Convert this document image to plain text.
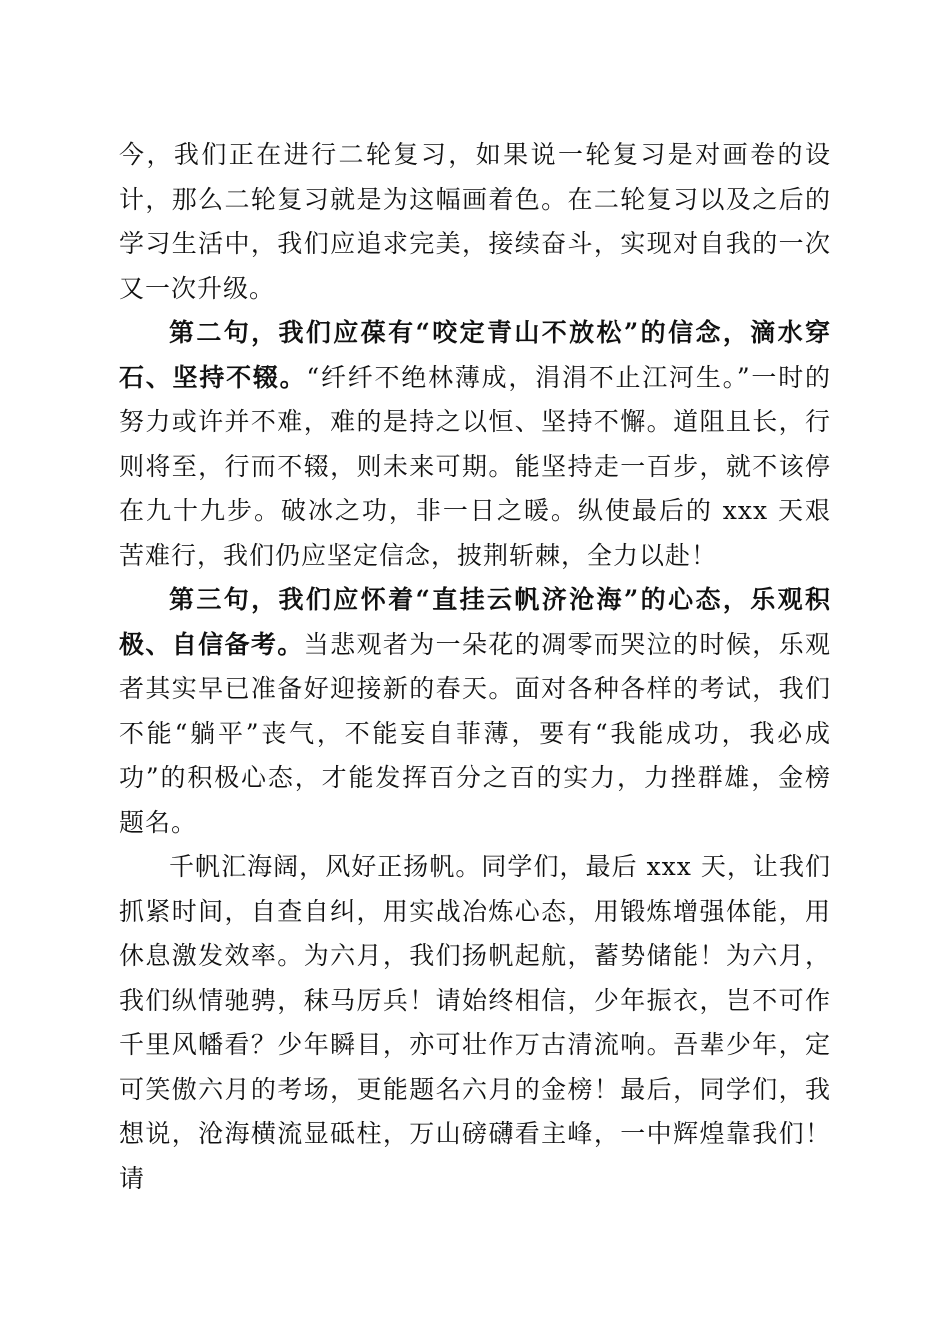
今，我们正在进行二轮复习，如果说一轮复习是对画卷的设计，那么二轮复习就是为这幅画着色。在二轮复习以及之后的学习生活中，我们应追求完美，接续奋斗，实现对自我的一次又一次升级。

第二句，我们应葆有“咬定青山不放松”的信念，滴水穿石、坚持不辍。“纤纤不绝林薄成，涓涓不止江河生。”一时的努力或许并不难，难的是持之以恒、坚持不懈。道阻且长，行则将至，行而不辍，则未来可期。能坚持走一百步，就不该停在九十九步。破冰之功，非一日之暖。纵使最后的 xxx 天艰苦难行，我们仍应坚定信念，披荆斩棘，全力以赴！

第三句，我们应怀着“直挂云帆济沧海”的心态，乐观积极、自信备考。当悲观者为一朵花的凋零而哭泣的时候，乐观者其实早已准备好迎接新的春天。面对各种各样的考试，我们不能“躺平”丧气，不能妄自菲薄，要有“我能成功，我必成功”的积极心态，才能发挥百分之百的实力，力挫群雄，金榜题名。

千帆汇海阔，风好正扬帆。同学们，最后 xxx 天，让我们抓紧时间，自查自纠，用实战冶炼心态，用锻炼增强体能，用休息激发效率。为六月，我们扬帆起航，蓄势储能！为六月，我们纵情驰骋，秣马厉兵！请始终相信，少年振衣，岂不可作千里风幡看？少年瞬目，亦可壮作万古清流响。吾辈少年，定可笑傲六月的考场，更能题名六月的金榜！最后，同学们，我想说，沧海横流显砥柱，万山磅礴看主峰，一中辉煌靠我们！请
